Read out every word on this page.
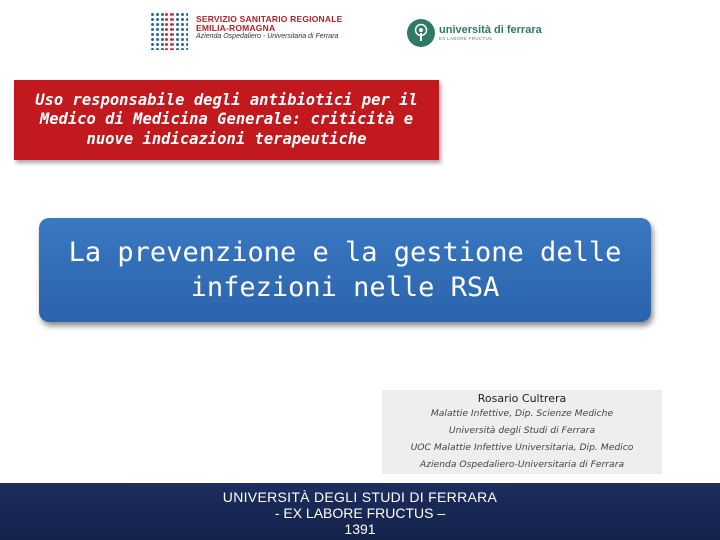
SERVIZIO SANITARIO REGIONALE
EMILIA-ROMAGNA
Azienda Ospedaliero - Universitaria di Ferrara	università di ferrara
EX LABORE FRUCTUS
Uso responsabile degli antibiotici per il Medico di Medicina Generale: criticità e nuove indicazioni terapeutiche
La prevenzione e la gestione delle infezioni nelle RSA
Rosario Cultrera
Malattie Infettive, Dip. Scienze Mediche
Università degli Studi di Ferrara
UOC Malattie Infettive Universitaria, Dip. Medico
Azienda Ospedaliero-Universitaria di Ferrara
UNIVERSITÀ DEGLI STUDI DI FERRARA
- EX LABORE FRUCTUS –
1391
